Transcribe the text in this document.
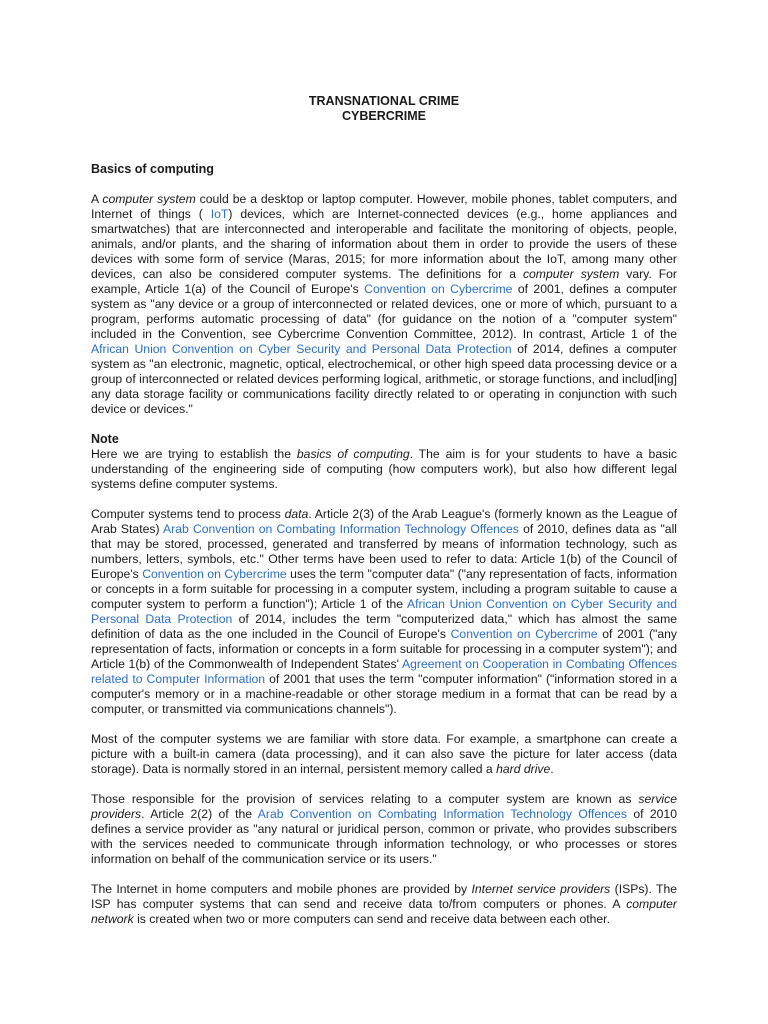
TRANSNATIONAL CRIME
CYBERCRIME
Basics of computing

A computer system could be a desktop or laptop computer. However, mobile phones, tablet computers, and Internet of things ( IoT) devices, which are Internet-connected devices (e.g., home appliances and smartwatches) that are interconnected and interoperable and facilitate the monitoring of objects, people, animals, and/or plants, and the sharing of information about them in order to provide the users of these devices with some form of service (Maras, 2015; for more information about the IoT, among many other devices, can also be considered computer systems. The definitions for a computer system vary. For example, Article 1(a) of the Council of Europe's Convention on Cybercrime of 2001, defines a computer system as "any device or a group of interconnected or related devices, one or more of which, pursuant to a program, performs automatic processing of data" (for guidance on the notion of a "computer system" included in the Convention, see Cybercrime Convention Committee, 2012). In contrast, Article 1 of the African Union Convention on Cyber Security and Personal Data Protection of 2014, defines a computer system as "an electronic, magnetic, optical, electrochemical, or other high speed data processing device or a group of interconnected or related devices performing logical, arithmetic, or storage functions, and includ[ing] any data storage facility or communications facility directly related to or operating in conjunction with such device or devices."

Note

Here we are trying to establish the basics of computing. The aim is for your students to have a basic understanding of the engineering side of computing (how computers work), but also how different legal systems define computer systems.

Computer systems tend to process data. Article 2(3) of the Arab League's (formerly known as the League of Arab States) Arab Convention on Combating Information Technology Offences of 2010, defines data as "all that may be stored, processed, generated and transferred by means of information technology, such as numbers, letters, symbols, etc." Other terms have been used to refer to data: Article 1(b) of the Council of Europe's Convention on Cybercrime uses the term "computer data" ("any representation of facts, information or concepts in a form suitable for processing in a computer system, including a program suitable to cause a computer system to perform a function"); Article 1 of the African Union Convention on Cyber Security and Personal Data Protection of 2014, includes the term "computerized data," which has almost the same definition of data as the one included in the Council of Europe's Convention on Cybercrime of 2001 ("any representation of facts, information or concepts in a form suitable for processing in a computer system"); and Article 1(b) of the Commonwealth of Independent States' Agreement on Cooperation in Combating Offences related to Computer Information of 2001 that uses the term "computer information" ("information stored in a computer's memory or in a machine-readable or other storage medium in a format that can be read by a computer, or transmitted via communications channels").

Most of the computer systems we are familiar with store data. For example, a smartphone can create a picture with a built-in camera (data processing), and it can also save the picture for later access (data storage). Data is normally stored in an internal, persistent memory called a hard drive.

Those responsible for the provision of services relating to a computer system are known as service providers. Article 2(2) of the Arab Convention on Combating Information Technology Offences of 2010 defines a service provider as "any natural or juridical person, common or private, who provides subscribers with the services needed to communicate through information technology, or who processes or stores information on behalf of the communication service or its users."

The Internet in home computers and mobile phones are provided by Internet service providers (ISPs). The ISP has computer systems that can send and receive data to/from computers or phones. A computer network is created when two or more computers can send and receive data between each other.
